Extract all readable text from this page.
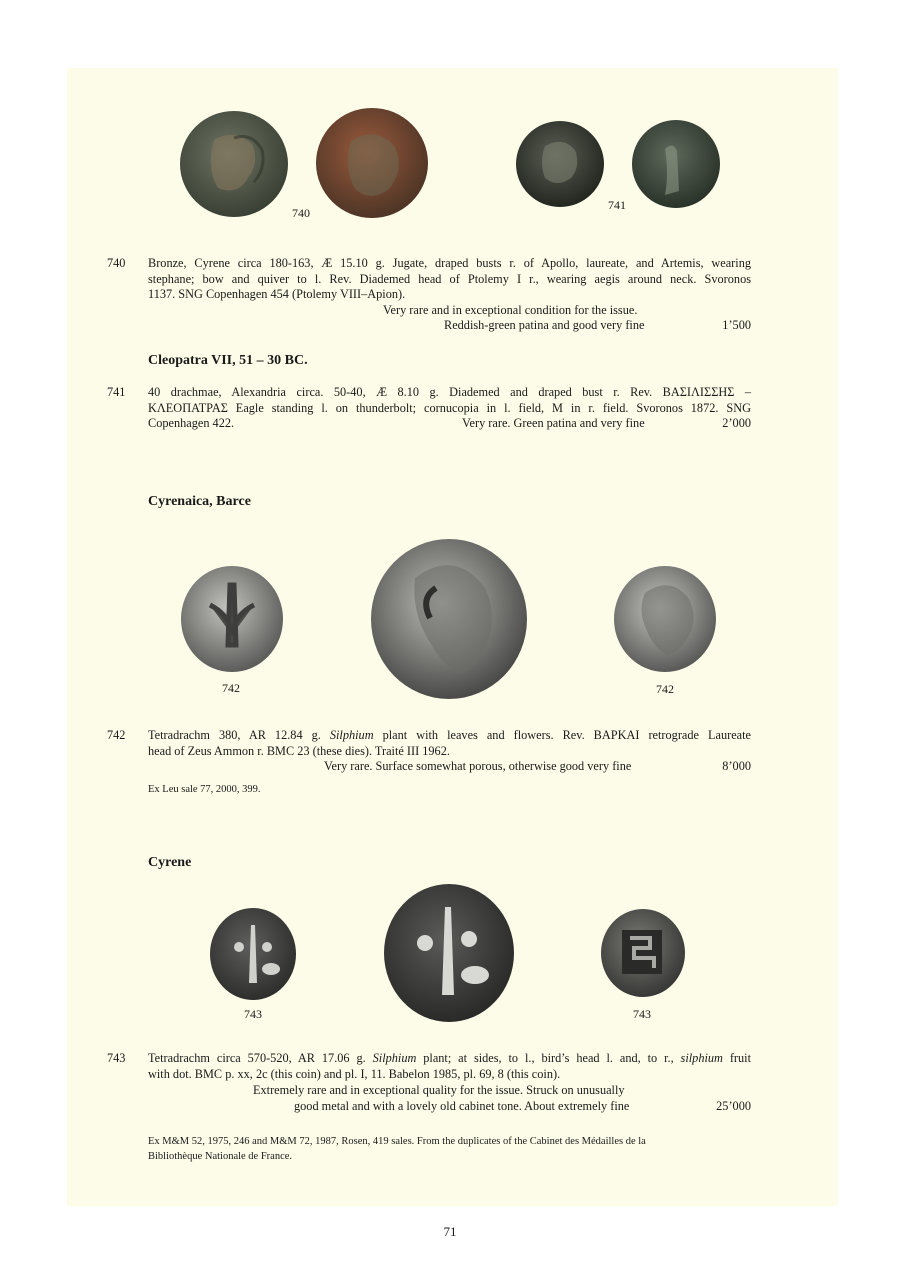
740
741
740 Bronze, Cyrene circa 180-163, Æ 15.10 g. Jugate, draped busts r. of Apollo, laureate, and Artemis, wearing
stephane; bow and quiver to l. Rev. Diademed head of Ptolemy I r., wearing aegis around neck. Svoronos
1137. SNG Copenhagen 454 (Ptolemy VIII–Apion).
Very rare and in exceptional condition for the issue.
Reddish-green patina and good very fine	1’500
Cleopatra VII, 51 – 30 BC.
741 40 drachmae, Alexandria circa. 50-40, Æ 8.10 g. Diademed and draped bust r. Rev. ΒΑΣΙΛΙΣΣΗΣ –
ΚΛΕΟΠΑΤΡΑΣ Eagle standing l. on thunderbolt; cornucopia in l. field, M in r. field. Svoronos 1872. SNG
Copenhagen 422.	Very rare. Green patina and very fine	2’000
Cyrenaica, Barce
742	742
742 Tetradrachm 380, AR 12.84 g. Silphium plant with leaves and flowers. Rev. BAPKAI retrograde Laureate
head of Zeus Ammon r. BMC 23 (these dies). Traité III 1962.
Very rare. Surface somewhat porous, otherwise good very fine	8’000
Ex Leu sale 77, 2000, 399.
Cyrene
743	743
743 Tetradrachm circa 570-520, AR 17.06 g. Silphium plant; at sides, to l., bird’s head l. and, to r., silphium fruit
with dot. BMC p. xx, 2c (this coin) and pl. I, 11. Babelon 1985, pl. 69, 8 (this coin).
Extremely rare and in exceptional quality for the issue. Struck on unusually
good metal and with a lovely old cabinet tone. About extremely fine	25’000
Ex M&M 52, 1975, 246 and M&M 72, 1987, Rosen, 419 sales. From the duplicates of the Cabinet des Médailles de la
Bibliothèque Nationale de France.
71
